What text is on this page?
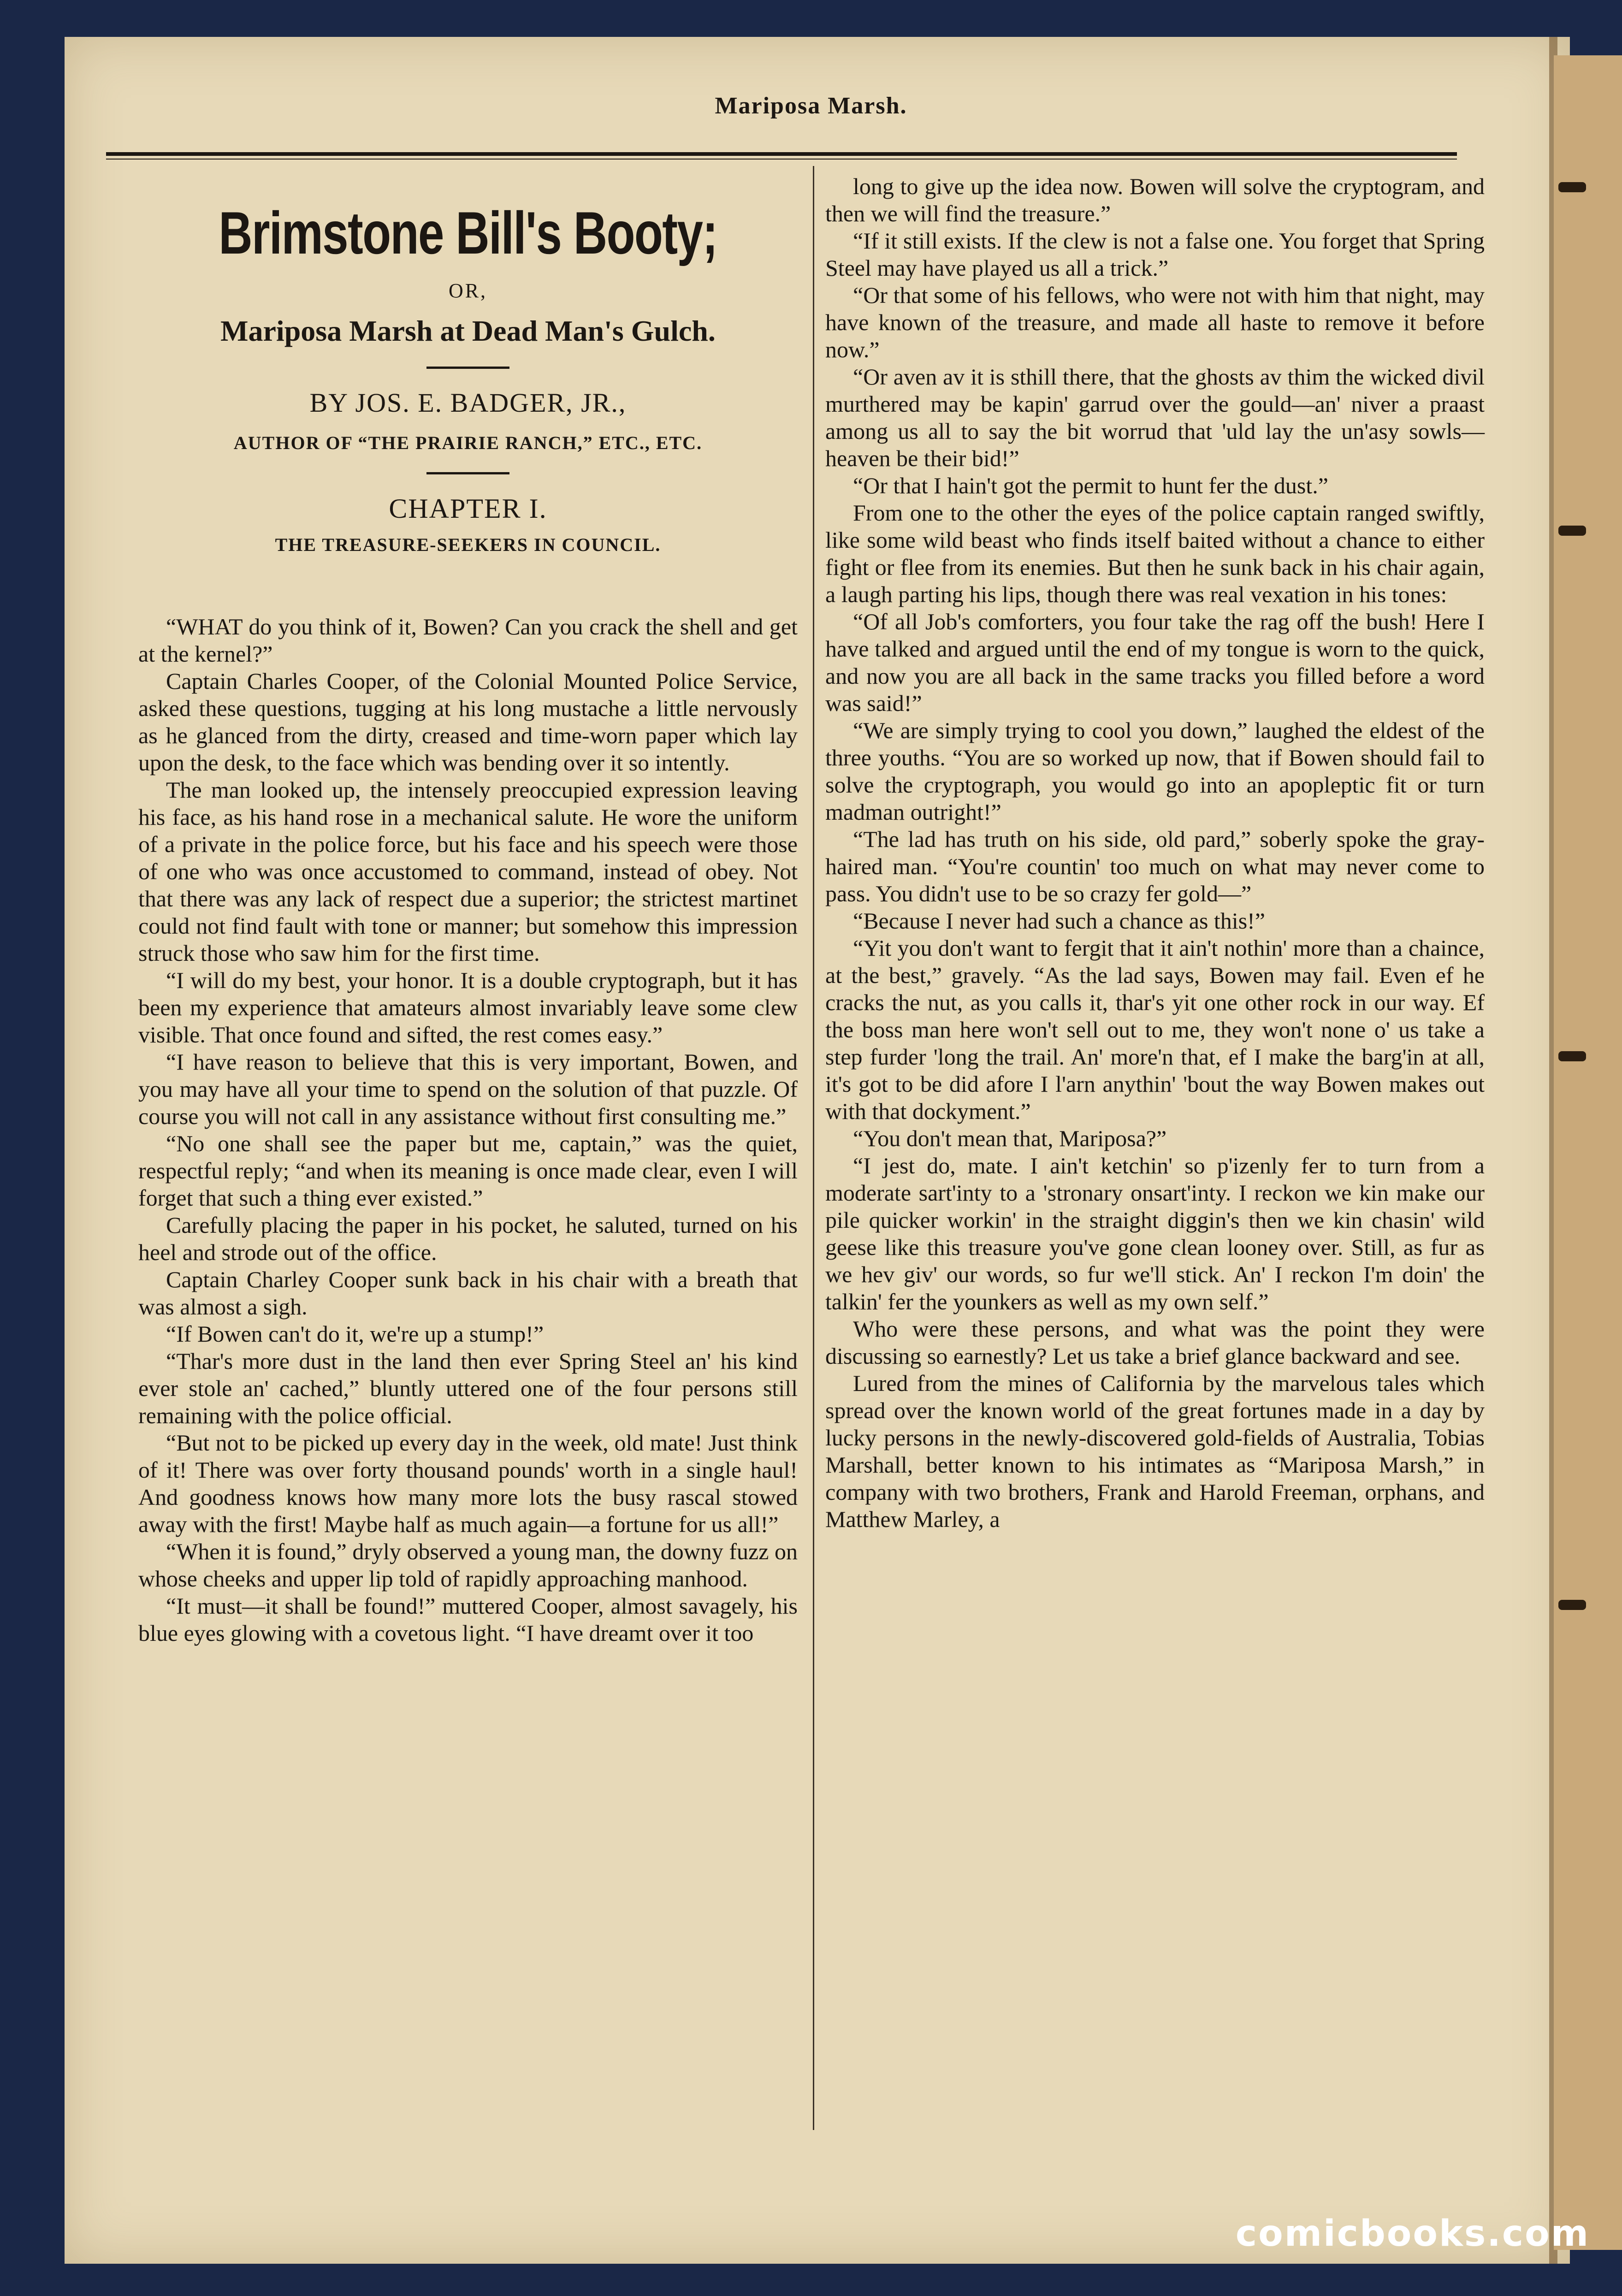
Mariposa Marsh.
Brimstone Bill's Booty;
OR,
Mariposa Marsh at Dead Man's Gulch.
BY JOS. E. BADGER, JR.,
AUTHOR OF “THE PRAIRIE RANCH,” ETC., ETC.
CHAPTER I.
THE TREASURE-SEEKERS IN COUNCIL.

“WHAT do you think of it, Bowen? Can you crack the shell and get at the kernel?”

Captain Charles Cooper, of the Colonial Mounted Police Service, asked these questions, tugging at his long mustache a little nervously as he glanced from the dirty, creased and time-worn paper which lay upon the desk, to the face which was bending over it so intently.

The man looked up, the intensely preoccupied expression leaving his face, as his hand rose in a mechanical salute. He wore the uniform of a private in the police force, but his face and his speech were those of one who was once accustomed to command, instead of obey. Not that there was any lack of respect due a superior; the strictest martinet could not find fault with tone or manner; but somehow this impression struck those who saw him for the first time.

“I will do my best, your honor. It is a double cryptograph, but it has been my experience that amateurs almost invariably leave some clew visible. That once found and sifted, the rest comes easy.”

“I have reason to believe that this is very important, Bowen, and you may have all your time to spend on the solution of that puzzle. Of course you will not call in any assistance without first consulting me.”

“No one shall see the paper but me, captain,” was the quiet, respectful reply; “and when its meaning is once made clear, even I will forget that such a thing ever existed.”

Carefully placing the paper in his pocket, he saluted, turned on his heel and strode out of the office.

Captain Charley Cooper sunk back in his chair with a breath that was almost a sigh.

“If Bowen can't do it, we're up a stump!”

“Thar's more dust in the land then ever Spring Steel an' his kind ever stole an' cached,” bluntly uttered one of the four persons still remaining with the police official.

“But not to be picked up every day in the week, old mate! Just think of it! There was over forty thousand pounds' worth in a single haul! And goodness knows how many more lots the busy rascal stowed away with the first! Maybe half as much again—a fortune for us all!”

“When it is found,” dryly observed a young man, the downy fuzz on whose cheeks and upper lip told of rapidly approaching manhood.

“It must—it shall be found!” muttered Cooper, almost savagely, his blue eyes glowing with a covetous light. “I have dreamt over it too

long to give up the idea now. Bowen will solve the cryptogram, and then we will find the treasure.”

“If it still exists. If the clew is not a false one. You forget that Spring Steel may have played us all a trick.”

“Or that some of his fellows, who were not with him that night, may have known of the treasure, and made all haste to remove it before now.”

“Or aven av it is sthill there, that the ghosts av thim the wicked divil murthered may be kapin' garrud over the gould—an' niver a praast among us all to say the bit worrud that 'uld lay the un'asy sowls—heaven be their bid!”

“Or that I hain't got the permit to hunt fer the dust.”

From one to the other the eyes of the police captain ranged swiftly, like some wild beast who finds itself baited without a chance to either fight or flee from its enemies. But then he sunk back in his chair again, a laugh parting his lips, though there was real vexation in his tones:

“Of all Job's comforters, you four take the rag off the bush! Here I have talked and argued until the end of my tongue is worn to the quick, and now you are all back in the same tracks you filled before a word was said!”

“We are simply trying to cool you down,” laughed the eldest of the three youths. “You are so worked up now, that if Bowen should fail to solve the cryptograph, you would go into an apopleptic fit or turn madman outright!”

“The lad has truth on his side, old pard,” soberly spoke the gray-haired man. “You're countin' too much on what may never come to pass. You didn't use to be so crazy fer gold—”

“Because I never had such a chance as this!”

“Yit you don't want to fergit that it ain't nothin' more than a chaince, at the best,” gravely. “As the lad says, Bowen may fail. Even ef he cracks the nut, as you calls it, thar's yit one other rock in our way. Ef the boss man here won't sell out to me, they won't none o' us take a step furder 'long the trail. An' more'n that, ef I make the barg'in at all, it's got to be did afore I l'arn anythin' 'bout the way Bowen makes out with that dockyment.”

“You don't mean that, Mariposa?”

“I jest do, mate. I ain't ketchin' so p'izenly fer to turn from a moderate sart'inty to a 'stronary onsart'inty. I reckon we kin make our pile quicker workin' in the straight diggin's then we kin chasin' wild geese like this treasure you've gone clean looney over. Still, as fur as we hev giv' our words, so fur we'll stick. An' I reckon I'm doin' the talkin' fer the younkers as well as my own self.”

Who were these persons, and what was the point they were discussing so earnestly? Let us take a brief glance backward and see.

Lured from the mines of California by the marvelous tales which spread over the known world of the great fortunes made in a day by lucky persons in the newly-discovered gold-fields of Australia, Tobias Marshall, better known to his intimates as “Mariposa Marsh,” in company with two brothers, Frank and Harold Freeman, orphans, and Matthew Marley, a

comicbooks.com
